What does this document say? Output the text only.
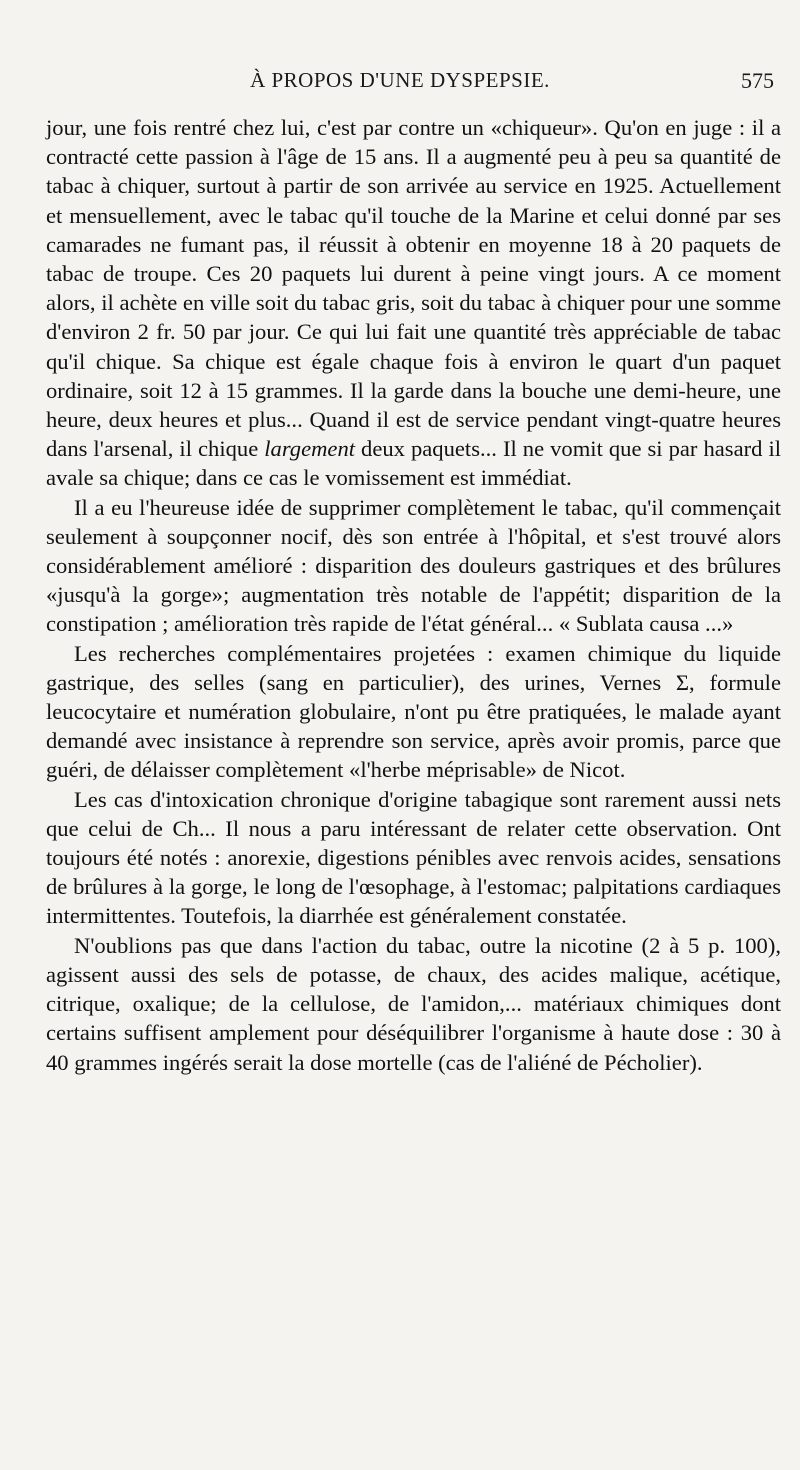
À PROPOS D'UNE DYSPEPSIE.	575

jour, une fois rentré chez lui, c'est par contre un «chiqueur». Qu'on en juge : il a contracté cette passion à l'âge de 15 ans. Il a augmenté peu à peu sa quantité de tabac à chiquer, surtout à partir de son arrivée au service en 1925. Actuellement et mensuellement, avec le tabac qu'il touche de la Marine et celui donné par ses camarades ne fumant pas, il réussit à obtenir en moyenne 18 à 20 paquets de tabac de troupe. Ces 20 paquets lui durent à peine vingt jours. A ce moment alors, il achète en ville soit du tabac gris, soit du tabac à chiquer pour une somme d'environ 2 fr. 50 par jour. Ce qui lui fait une quantité très appréciable de tabac qu'il chique. Sa chique est égale chaque fois à environ le quart d'un paquet ordinaire, soit 12 à 15 grammes. Il la garde dans la bouche une demi-heure, une heure, deux heures et plus... Quand il est de service pendant vingt-quatre heures dans l'arsenal, il chique largement deux paquets... Il ne vomit que si par hasard il avale sa chique; dans ce cas le vomissement est immédiat.

Il a eu l'heureuse idée de supprimer complètement le tabac, qu'il commençait seulement à soupçonner nocif, dès son entrée à l'hôpital, et s'est trouvé alors considérablement amélioré : disparition des douleurs gastriques et des brûlures «jusqu'à la gorge»; augmentation très notable de l'appétit; disparition de la constipation ; amélioration très rapide de l'état général... « Sublata causa ...»

Les recherches complémentaires projetées : examen chimique du liquide gastrique, des selles (sang en particulier), des urines, Vernes Σ, formule leucocytaire et numération globulaire, n'ont pu être pratiquées, le malade ayant demandé avec insistance à reprendre son service, après avoir promis, parce que guéri, de délaisser complètement «l'herbe méprisable» de Nicot.

Les cas d'intoxication chronique d'origine tabagique sont rarement aussi nets que celui de Ch... Il nous a paru intéressant de relater cette observation. Ont toujours été notés : anorexie, digestions pénibles avec renvois acides, sensations de brûlures à la gorge, le long de l'œsophage, à l'estomac; palpitations cardiaques intermittentes. Toutefois, la diarrhée est généralement constatée.

N'oublions pas que dans l'action du tabac, outre la nicotine (2 à 5 p. 100), agissent aussi des sels de potasse, de chaux, des acides malique, acétique, citrique, oxalique; de la cellulose, de l'amidon,... matériaux chimiques dont certains suffisent amplement pour déséquilibrer l'organisme à haute dose : 30 à 40 grammes ingérés serait la dose mortelle (cas de l'aliéné de Pécholier).
